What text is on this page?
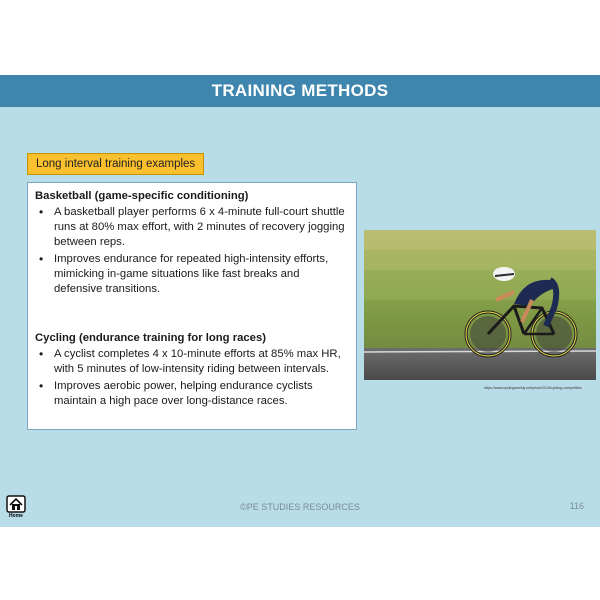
TRAINING METHODS
Long interval training examples
Basketball (game-specific conditioning)
• A basketball player performs 6 x 4-minute full-court shuttle runs at 80% max effort, with 2 minutes of recovery jogging between reps.
• Improves endurance for repeated high-intensity efforts, mimicking in-game situations like fast breaks and defensive transitions.
Cycling (endurance training for long races)
• A cyclist completes 4 x 10-minute efforts at 85% max HR, with 5 minutes of low-intensity riding between intervals.
• Improves aerobic power, helping endurance cyclists maintain a high pace over long-distance races.
https://www.cyclingweekly.net/photo/2019/cycling-competition
Home
©PE STUDIES RESOURCES	116
